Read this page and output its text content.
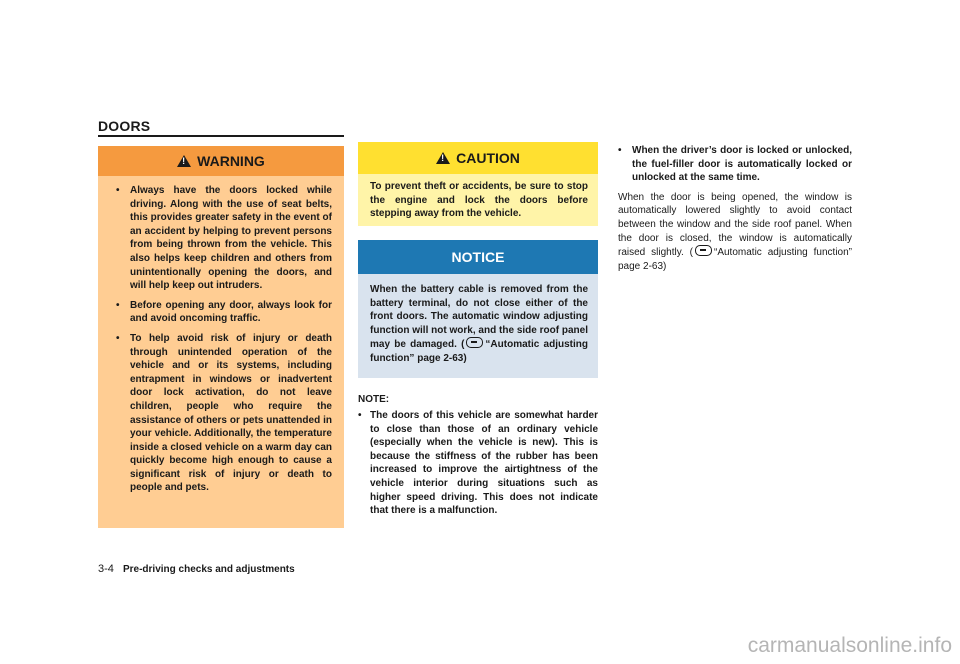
DOORS
!
WARNING
• Always have the doors locked while driving. Along with the use of seat belts, this provides greater safety in the event of an accident by helping to prevent persons from being thrown from the vehicle. This also helps keep children and others from unintentionally opening the doors, and will help keep out intruders.
• Before opening any door, always look for and avoid oncoming traffic.
• To help avoid risk of injury or death through unintended operation of the vehicle and or its systems, including entrapment in windows or inadvertent door lock activation, do not leave children, people who require the assistance of others or pets unattended in your vehicle. Additionally, the temperature inside a closed vehicle on a warm day can quickly become high enough to cause a significant risk of injury or death to people and pets.
!
CAUTION
To prevent theft or accidents, be sure to stop the engine and lock the doors before stepping away from the vehicle.
NOTICE
When the battery cable is removed from the battery terminal, do not close either of the front doors. The automatic window adjusting function will not work, and the side roof panel may be damaged. ( “Automatic adjusting function” page 2-63)
NOTE:
• The doors of this vehicle are somewhat harder to close than those of an ordinary vehicle (especially when the vehicle is new). This is because the stiffness of the rubber has been increased to improve the airtightness of the vehicle interior during situations such as higher speed driving. This does not indicate that there is a malfunction.
• When the driver’s door is locked or unlocked, the fuel-filler door is automatically locked or unlocked at the same time.
When the door is being opened, the window is automatically lowered slightly to avoid contact between the window and the side roof panel. When the door is closed, the window is automatically raised slightly. ( “Automatic adjusting function” page 2-63)
3-4 Pre-driving checks and adjustments
carmanualsonline.info
